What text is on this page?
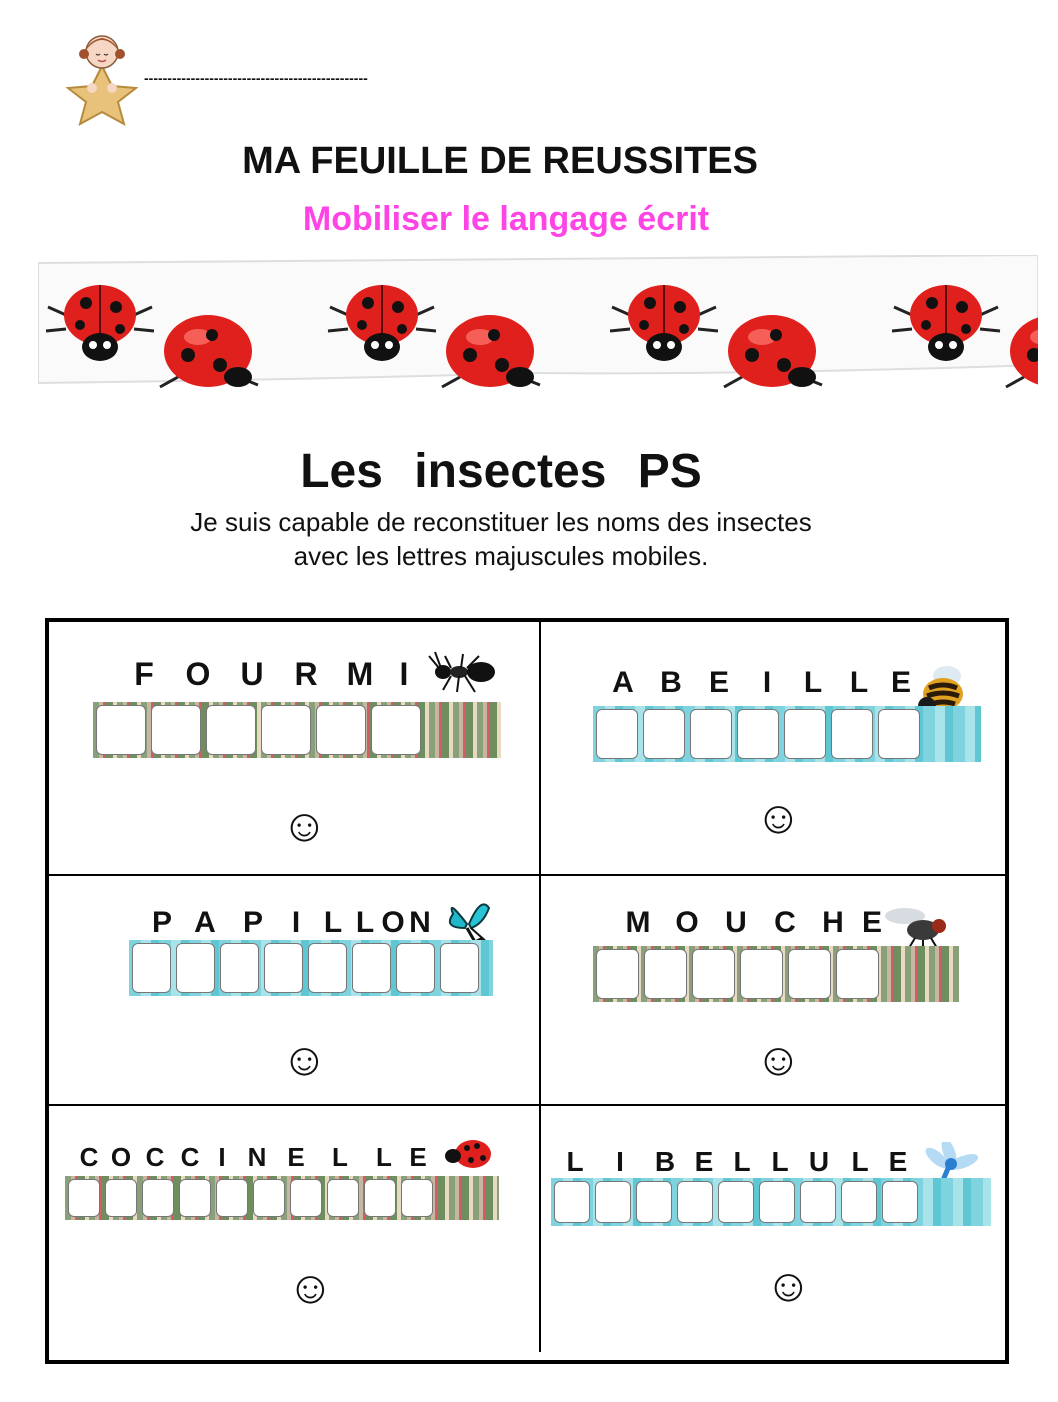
------------------------------------------------
MA FEUILLE DE REUSSITES
Mobiliser le langage écrit
Les insectes PS
Je suis capable de reconstituer les noms des insectes
avec les lettres majuscules mobiles.
F O U R M I
☺
A B E	I	L L E
☺
P A P I L L O N
☺
M O U C H E
☺
C O C C I N E	L	L E
☺
L	I	B E L L U L E
☺
